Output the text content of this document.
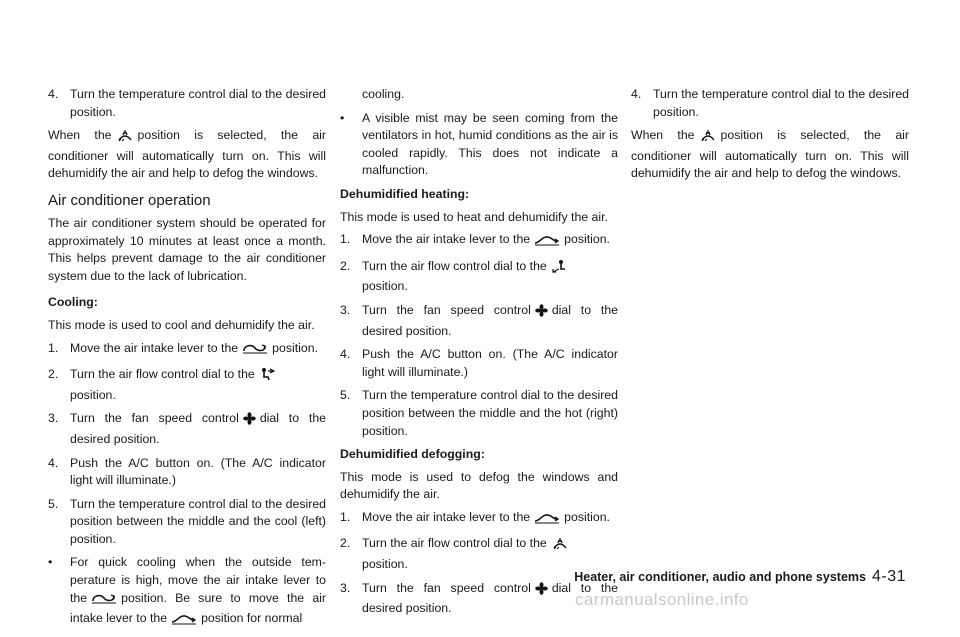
4. Turn the temperature control dial to the desired position.

When the position is selected, the air conditioner will automatically turn on. This will dehumidify the air and help to defog the windows.

Air conditioner operation

The air conditioner system should be operated for approximately 10 minutes at least once a month. This helps prevent damage to the air conditioner system due to the lack of lubrication.

Cooling:

This mode is used to cool and dehumidify the air.

1. Move the air intake lever to the	position.
2. Turn the air flow control dial to the
position.
3. Turn the fan speed control dial to the desired position.
4. Push the A/C button on. (The A/C indicator light will illuminate.)
5. Turn the temperature control dial to the desired position between the middle and the cool (left) position.
• For quick cooling when the outside tem-perature is high, move the air intake lever to the	position. Be sure to move the air intake lever to the	position for normal
cooling.
• A visible mist may be seen coming from the ventilators in hot, humid conditions as the air is cooled rapidly. This does not indicate a malfunction.
Dehumidified heating:

This mode is used to heat and dehumidify the air.

1. Move the air intake lever to the	position.
2. Turn the air flow control dial to the
position.
3. Turn the fan speed control dial to the desired position.
4. Push the A/C button on. (The A/C indicator light will illuminate.)
5. Turn the temperature control dial to the desired position between the middle and the hot (right) position.
Dehumidified defogging:

This mode is used to defog the windows and dehumidify the air.

1. Move the air intake lever to the	position.
2. Turn the air flow control dial to the
position.
3. Turn the fan speed control dial to the desired position.
4. Turn the temperature control dial to the desired position.

When the position is selected, the air conditioner will automatically turn on. This will dehumidify the air and help to defog the windows.

Heater, air conditioner, audio and phone systems 4-31
carmanualsonline.info
